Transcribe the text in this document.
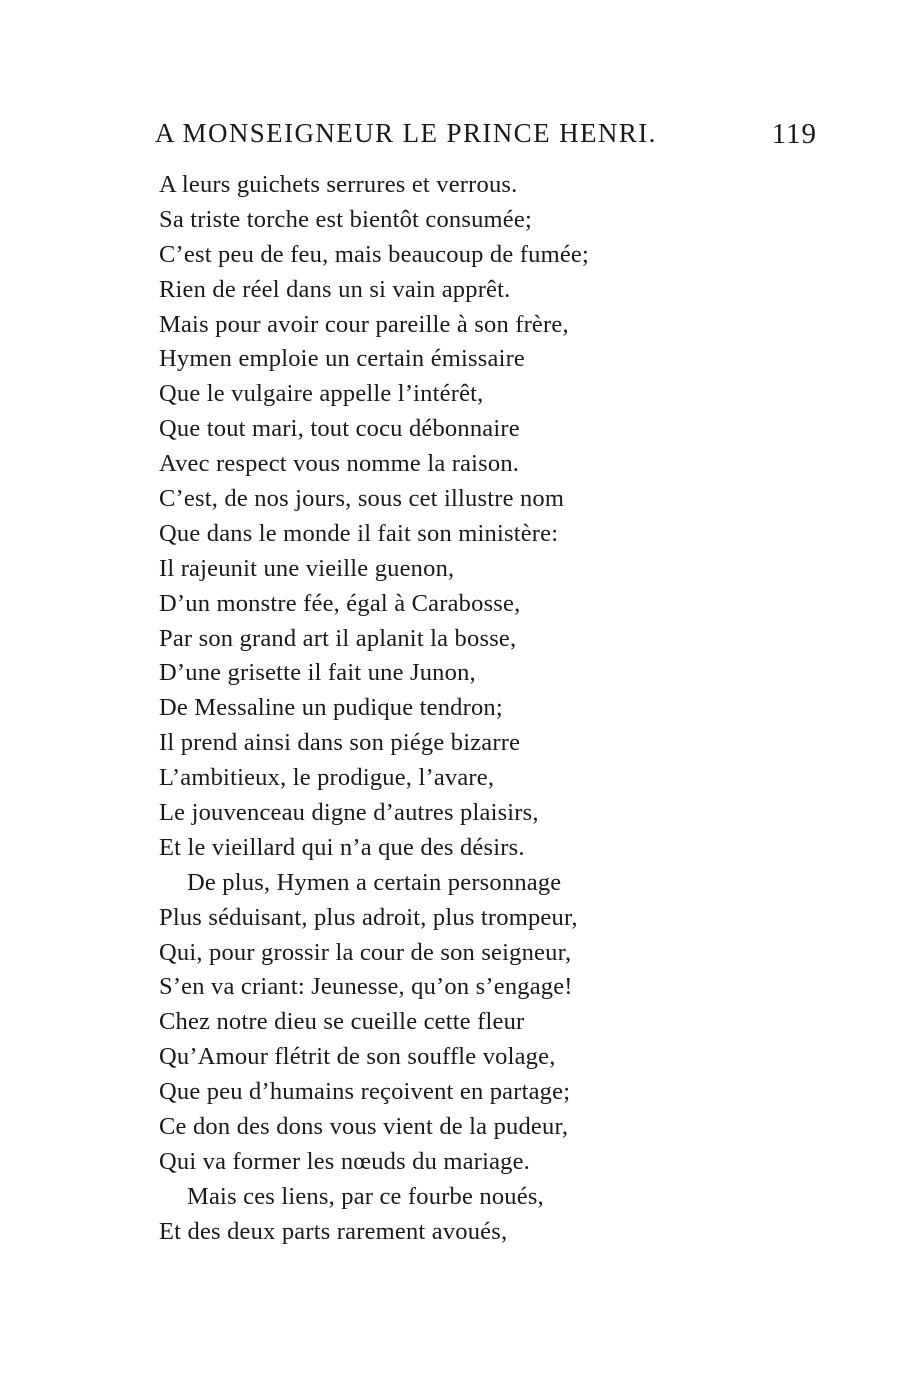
A MONSEIGNEUR LE PRINCE HENRI.	119
A leurs guichets serrures et verrous.
Sa triste torche est bientôt consumée;
C’est peu de feu, mais beaucoup de fumée;
Rien de réel dans un si vain apprêt.
Mais pour avoir cour pareille à son frère,
Hymen emploie un certain émissaire
Que le vulgaire appelle l’intérêt,
Que tout mari, tout cocu débonnaire
Avec respect vous nomme la raison.
C’est, de nos jours, sous cet illustre nom
Que dans le monde il fait son ministère:
Il rajeunit une vieille guenon,
D’un monstre fée, égal à Carabosse,
Par son grand art il aplanit la bosse,
D’une grisette il fait une Junon,
De Messaline un pudique tendron;
Il prend ainsi dans son piége bizarre
L’ambitieux, le prodigue, l’avare,
Le jouvenceau digne d’autres plaisirs,
Et le vieillard qui n’a que des désirs.
De plus, Hymen a certain personnage
Plus séduisant, plus adroit, plus trompeur,
Qui, pour grossir la cour de son seigneur,
S’en va criant: Jeunesse, qu’on s’engage!
Chez notre dieu se cueille cette fleur
Qu’Amour flétrit de son souffle volage,
Que peu d’humains reçoivent en partage;
Ce don des dons vous vient de la pudeur,
Qui va former les nœuds du mariage.
Mais ces liens, par ce fourbe noués,
Et des deux parts rarement avoués,
